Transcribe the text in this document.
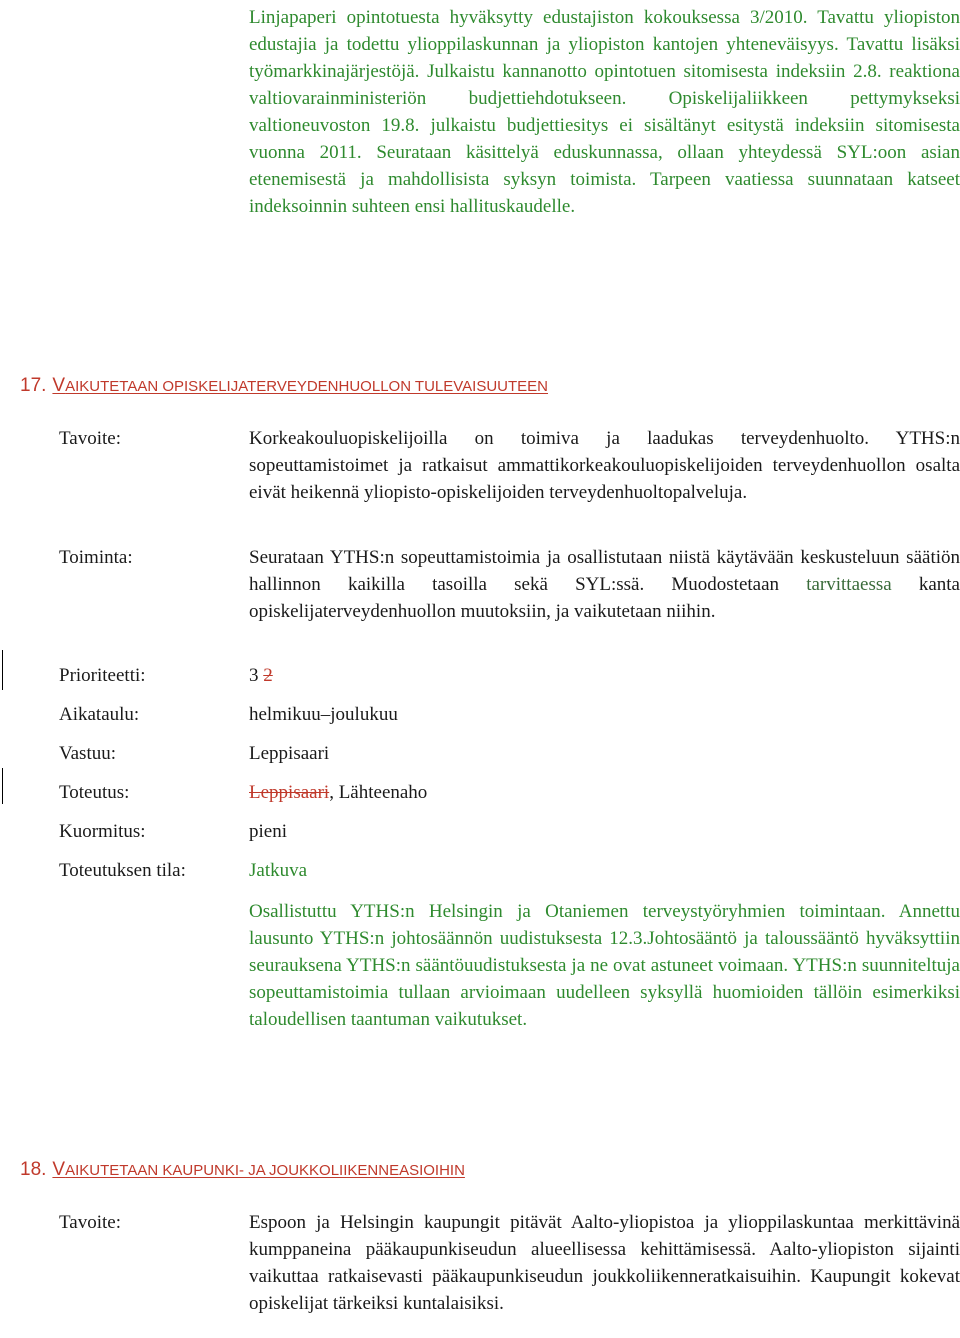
Linjapaperi opintotuesta hyväksytty edustajiston kokouksessa 3/2010. Tavattu yliopiston edustajia ja todettu ylioppilaskunnan ja yliopiston kantojen yhteneväisyys. Tavattu lisäksi työmarkkinajärjestöjä. Julkaistu kannanotto opintotuen sitomisesta indeksiin 2.8. reaktiona valtiovarainministeriön budjettiehdotukseen. Opiskelijaliikkeen pettymykseksi valtioneuvoston 19.8. julkaistu budjettiesitys ei sisältänyt esitystä indeksiin sitomisesta vuonna 2011. Seurataan käsittelyä eduskunnassa, ollaan yhteydessä SYL:oon asian etenemisestä ja mahdollisista syksyn toimista. Tarpeen vaatiessa suunnataan katseet indeksoinnin suhteen ensi hallituskaudelle.
17. VAIKUTETAAN OPISKELIJATERVEYDENHUOLLON TULEVAISUUTEEN
Tavoite:	Korkeakouluopiskelijoilla on toimiva ja laadukas terveydenhuolto. YTHS:n sopeuttamistoimet ja ratkaisut ammattikorkeakouluopiskelijoiden terveydenhuollon osalta eivät heikennä yliopisto-opiskelijoiden terveydenhuoltopalveluja.
Toiminta:	Seurataan YTHS:n sopeuttamistoimia ja osallistutaan niistä käytävään keskusteluun säätiön hallinnon kaikilla tasoilla sekä SYL:ssä. Muodostetaan tarvittaessa kanta opiskelijaterveydenhuollon muutoksiin, ja vaikutetaan niihin.
Prioriteetti:	3 2
Aikataulu:	helmikuu–joulukuu
Vastuu:	Leppisaari
Toteutus:	Leppisaari, Lähteenaho
Kuormitus:	pieni
Toteutuksen tila:	Jatkuva
Osallistuttu YTHS:n Helsingin ja Otaniemen terveystyöryhmien toimintaan. Annettu lausunto YTHS:n johtosäännön uudistuksesta 12.3.Johtosääntö ja taloussääntö hyväksyttiin seurauksena YTHS:n sääntöuudistuksesta ja ne ovat astuneet voimaan. YTHS:n suunniteltuja sopeuttamistoimia tullaan arvioimaan uudelleen syksyllä huomioiden tällöin esimerkiksi taloudellisen taantuman vaikutukset.
18. VAIKUTETAAN KAUPUNKI- JA JOUKKOLIIKENNEASIOIHIN
Tavoite:	Espoon ja Helsingin kaupungit pitävät Aalto-yliopistoa ja ylioppilaskuntaa merkittävinä kumppaneina pääkaupunkiseudun alueellisessa kehittämisessä. Aalto-yliopiston sijainti vaikuttaa ratkaisevasti pääkaupunkiseudun joukkoliikenneratkaisuihin. Kaupungit kokevat opiskelijat tärkeiksi kuntalaisiksi.
